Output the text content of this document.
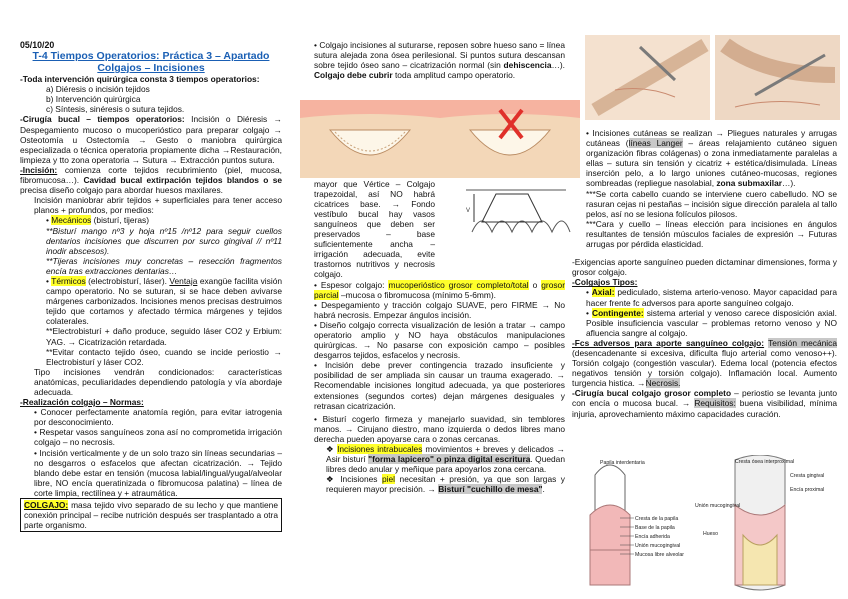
05/10/20

T-4 Tiempos Operatorios: Práctica 3 – Apartado

Colgajos – Incisiones

-Toda intervención quirúrgica consta 3 tiempos operatorios:

a) Diéresis o incisión tejidos

b) Intervención quirúrgica

c) Síntesis, sinéresis o sutura tejidos.

-Cirugía bucal – tiempos operatorios: Incisión o Diéresis → Despegamiento mucoso o mucoperióstico para preparar colgajo → Osteotomía u Ostectomía → Gesto o maniobra quirúrgica especializada o técnica operatoria propiamente dicha →Restauración, limpieza y tto zona operatoria → Sutura → Extracción puntos sutura.

-Incisión: comienza corte tejidos recubrimiento (piel, mucosa, fibromucosa…). Cavidad bucal extirpación tejidos blandos o se precisa diseño colgajo para abordar huesos maxilares.

Incisión maniobrar abrir tejidos + superficiales para tener acceso planos + profundos, por medios:

• Mecánicos (bisturí, tijeras)

**Bisturí mango nº3 y hoja nº15 /nº12 para seguir cuellos dentarios incisiones que discurren por surco gingival // nº11 inodir abscesos).

**Tijeras incisiones muy concretas – resección fragmentos encía tras extracciones dentarias…

• Térmicos (electrobisturí, láser). Ventaja exangüe facilita visión campo operatorio. No se suturan, si se hace deben avivarse márgenes carbonizados. Incisiones menos precisas destruimos tejido que cortamos y afectado térmica márgenes y tejidos colaterales.

**Electrobisturí + daño produce, seguido láser CO2 y Erbium: YAG. → Cicatrización retardada.

**Evitar contacto tejido óseo, cuando se incide periostio → Electrobisturí y láser CO2.

Tipo incisiones vendrán condicionados: características anatómicas, peculiaridades dependiendo patología y vía abordaje adecuada.

-Realización colgajo – Normas:

• Conocer perfectamente anatomía región, para evitar iatrogenia por desconocimiento.

• Respetar vasos sanguíneos zona así no comprometida irrigación colgajo – no necrosis.

• Incisión verticalmente y de un solo trazo sin líneas secundarias – no desgarros o esfacelos que afectan cicatrización. → Tejido blando debe estar en tensión (mucosa labial/lingual/yugal/alveolar libre, NO encía queratinizada o fibromucosa palatina) – línea de corte limpia, rectilínea y + atraumática.

COLGAJO: masa tejido vivo separado de su lecho y que mantiene conexión principal – recibe nutrición después ser trasplantado a otra parte organismo.

• Colgajo incisiones al suturarse, reposen sobre hueso sano = línea sutura alejada zona ósea perilesional. Si puntos sutura descansan sobre tejido óseo sano – cicatrización normal (sin dehiscencia…). Colgajo debe cubrir toda amplitud campo operatorio.

mayor que Vértice – Colgajo trapezoidal, así NO habrá cicatrices base. → Fondo vestíbulo bucal hay vasos sanguíneos que deben ser preservados – base suficientemente ancha – irrigación adecuada, evite trastornos nutritivos y necrosis colgajo.

• Espesor colgajo: mucoperióstico grosor completo/total o grosor parcial –mucosa o fibromucosa (mínimo 5-6mm).

• Despegamiento y tracción colgajo SUAVE, pero FIRME → No habrá necrosis. Empezar ángulos incisión.

• Diseño colgajo correcta visualización de lesión a tratar → campo operatorio amplio y NO haya obstáculos manipulaciones quirúrgicas. → No pasarse con exposición campo – posibles desgarros tejidos, esfacelos y necrosis.

• Incisión debe prever contingencia trazado insuficiente y posibilidad de ser ampliada sin causar un trauma exagerado. → Recomendable incisiones longitud adecuada, ya que posteriores extensiones (segundos cortes) dejan márgenes desiguales y retrasan cicatrización.

• Bisturí cogerlo firmeza y manejarlo suavidad, sin temblores manos. → Cirujano diestro, mano izquierda o dedos libres mano derecha pueden apoyarse cara o zonas cercanas.

❖ Incisiones intrabucales movimientos + breves y delicados → Asir bisturí "forma lapicero" o pinza digital escritura. Quedan libres dedo anular y meñique para apoyarlos zona cercana.

❖ Incisiones piel necesitan + presión, ya que son largas y requieren mayor precisión. → Bisturí "cuchillo de mesa".

V

• Incisiones cutáneas se realizan → Pliegues naturales y arrugas cutáneas (líneas Langer – áreas relajamiento cutáneo siguen organización fibras colágenas) o zona inmediatamente paralelas a ellas – sutura sin tensión y cicatriz + estética/disimulada. Líneas inserción pelo, a lo largo uniones cutáneo-mucosas, regiones sombreadas (repliegue nasolabial, zona submaxilar…).

***Se corta cabello cuando se interviene cuero cabelludo. NO se rasuran cejas ni pestañas – incisión sigue dirección paralela al tallo pelos, así no se lesiona folículos pilosos.

***Cara y cuello – líneas elección para incisiones en ángulos resultantes de tensión músculos faciales de expresión → Futuras arrugas por pérdida elasticidad.

-Exigencias aporte sanguíneo pueden dictaminar dimensiones, forma y grosor colgajo.

-Colgajos Tipos:

• Axial: pediculado, sistema arterio-venoso. Mayor capacidad para hacer frente fc adversos para aporte sanguíneo colgajo.

• Contingente: sistema arterial y venoso carece disposición axial. Posible insuficiencia vascular – problemas retorno venoso y NO afluencia sangre al colgajo.

-Fcs adversos para aporte sanguíneo colgajo: Tensión mecánica (desencadenante si excesiva, dificulta flujo arterial como venoso++). Torsión colgajo (congestión vascular). Edema local (potencia efectos negativos tensión y torsión colgajo). Inflamación local. Aumento turgencia histica. →Necrosis.

-Cirugía bucal colgajo grosor completo – periostio se levanta junto con encía o mucosa bucal. → Requisitos: buena visibilidad, mínima injuria, aprovechamiento máximo capacidades curación.

Papila interdentaria
Cresta de la papila
Base de la papila
Encía adherida
Unión mucogingival
Mucosa libre alveolar
Cresta ósea interproximal
Cresta gingival
Encía proximal
Unión mucogingival
Hueso
